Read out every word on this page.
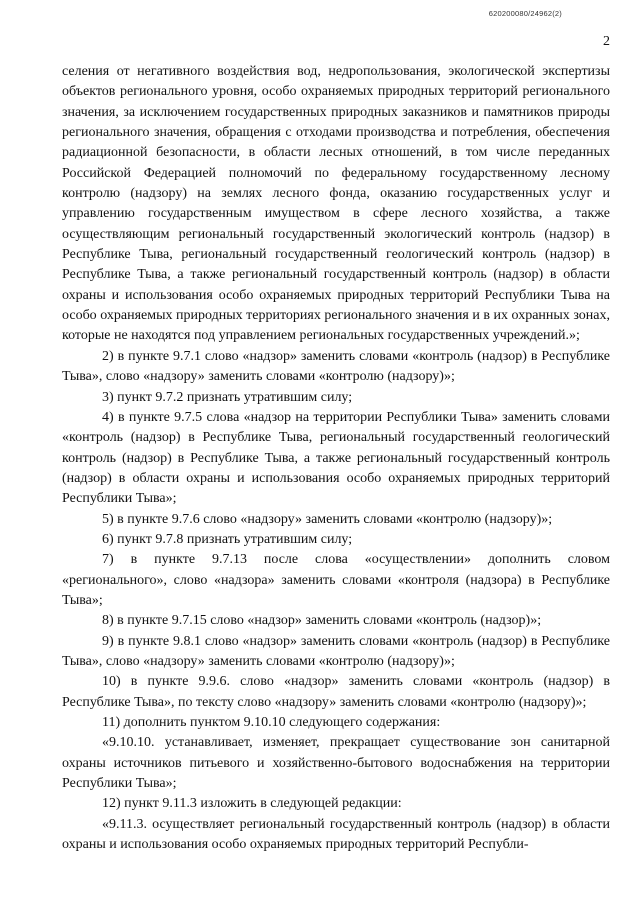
620200080/24962(2)
2

селения от негативного воздействия вод, недропользования, экологической экспертизы объектов регионального уровня, особо охраняемых природных территорий регионального значения, за исключением государственных природных заказников и памятников природы регионального значения, обращения с отходами производства и потребления, обеспечения радиационной безопасности, в области лесных отношений, в том числе переданных Российской Федерацией полномочий по федеральному государственному лесному контролю (надзору) на землях лесного фонда, оказанию государственных услуг и управлению государственным имуществом в сфере лесного хозяйства, а также осуществляющим региональный государственный экологический контроль (надзор) в Республике Тыва, региональный государственный геологический контроль (надзор) в Республике Тыва, а также региональный государственный контроль (надзор) в области охраны и использования особо охраняемых природных территорий Республики Тыва на особо охраняемых природных территориях регионального значения и в их охранных зонах, которые не находятся под управлением региональных государственных учреждений.»;

2) в пункте 9.7.1 слово «надзор» заменить словами «контроль (надзор) в Республике Тыва», слово «надзору» заменить словами «контролю (надзору)»;

3) пункт 9.7.2 признать утратившим силу;

4) в пункте 9.7.5 слова «надзор на территории Республики Тыва» заменить словами «контроль (надзор) в Республике Тыва, региональный государственный геологический контроль (надзор) в Республике Тыва, а также региональный государственный контроль (надзор) в области охраны и использования особо охраняемых природных территорий Республики Тыва»;

5) в пункте 9.7.6 слово «надзору» заменить словами «контролю (надзору)»;

6) пункт 9.7.8 признать утратившим силу;

7) в пункте 9.7.13 после слова «осуществлении» дополнить словом «регионального», слово «надзора» заменить словами «контроля (надзора) в Республике Тыва»;

8) в пункте 9.7.15 слово «надзор» заменить словами «контроль (надзор)»;

9) в пункте 9.8.1 слово «надзор» заменить словами «контроль (надзор) в Республике Тыва», слово «надзору» заменить словами «контролю (надзору)»;

10) в пункте 9.9.6. слово «надзор» заменить словами «контроль (надзор) в Республике Тыва», по тексту слово «надзору» заменить словами «контролю (надзору)»;

11) дополнить пунктом 9.10.10 следующего содержания:

«9.10.10. устанавливает, изменяет, прекращает существование зон санитарной охраны источников питьевого и хозяйственно-бытового водоснабжения на территории Республики Тыва»;

12) пункт 9.11.3 изложить в следующей редакции:

«9.11.3. осуществляет региональный государственный контроль (надзор) в области охраны и использования особо охраняемых природных территорий Республи-
